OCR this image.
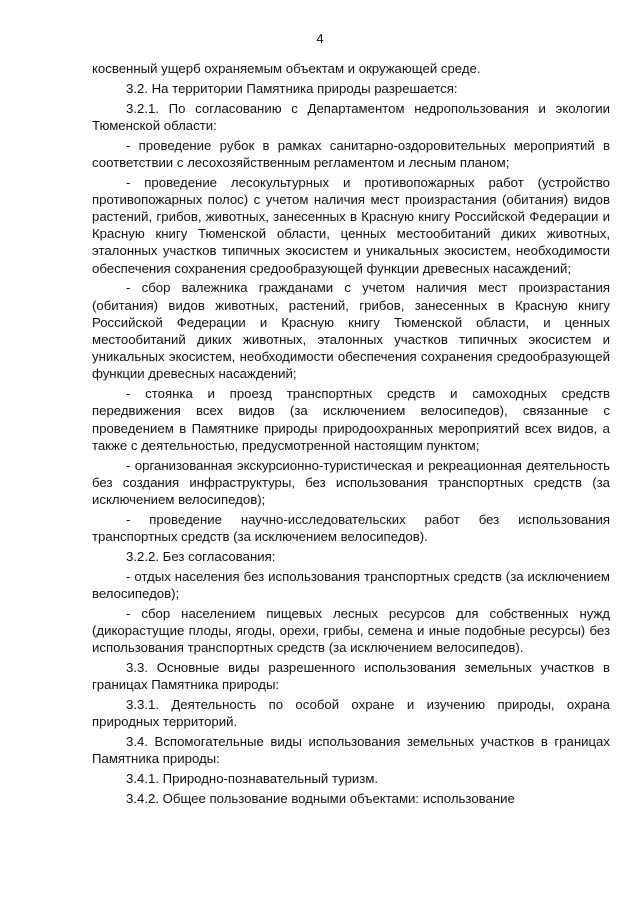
4

косвенный ущерб охраняемым объектам и окружающей среде.

3.2. На территории Памятника природы разрешается:

3.2.1. По согласованию с Департаментом недропользования и экологии Тюменской области:

- проведение рубок в рамках санитарно-оздоровительных мероприятий в соответствии с лесохозяйственным регламентом и лесным планом;

- проведение лесокультурных и противопожарных работ (устройство противопожарных полос) с учетом наличия мест произрастания (обитания) видов растений, грибов, животных, занесенных в Красную книгу Российской Федерации и Красную книгу Тюменской области, ценных местообитаний диких животных, эталонных участков типичных экосистем и уникальных экосистем, необходимости обеспечения сохранения средообразующей функции древесных насаждений;

- сбор валежника гражданами с учетом наличия мест произрастания (обитания) видов животных, растений, грибов, занесенных в Красную книгу Российской Федерации и Красную книгу Тюменской области, и ценных местообитаний диких животных, эталонных участков типичных экосистем и уникальных экосистем, необходимости обеспечения сохранения средообразующей функции древесных насаждений;

- стоянка и проезд транспортных средств и самоходных средств передвижения всех видов (за исключением велосипедов), связанные с проведением в Памятнике природы природоохранных мероприятий всех видов, а также с деятельностью, предусмотренной настоящим пунктом;

- организованная экскурсионно-туристическая и рекреационная деятельность без создания инфраструктуры, без использования транспортных средств (за исключением велосипедов);

- проведение научно-исследовательских работ без использования транспортных средств (за исключением велосипедов).

3.2.2. Без согласования:

- отдых населения без использования транспортных средств (за исключением велосипедов);

- сбор населением пищевых лесных ресурсов для собственных нужд (дикорастущие плоды, ягоды, орехи, грибы, семена и иные подобные ресурсы) без использования транспортных средств (за исключением велосипедов).

3.3. Основные виды разрешенного использования земельных участков в границах Памятника природы:

3.3.1. Деятельность по особой охране и изучению природы, охрана природных территорий.

3.4. Вспомогательные виды использования земельных участков в границах Памятника природы:

3.4.1. Природно-познавательный туризм.

3.4.2. Общее пользование водными объектами: использование
